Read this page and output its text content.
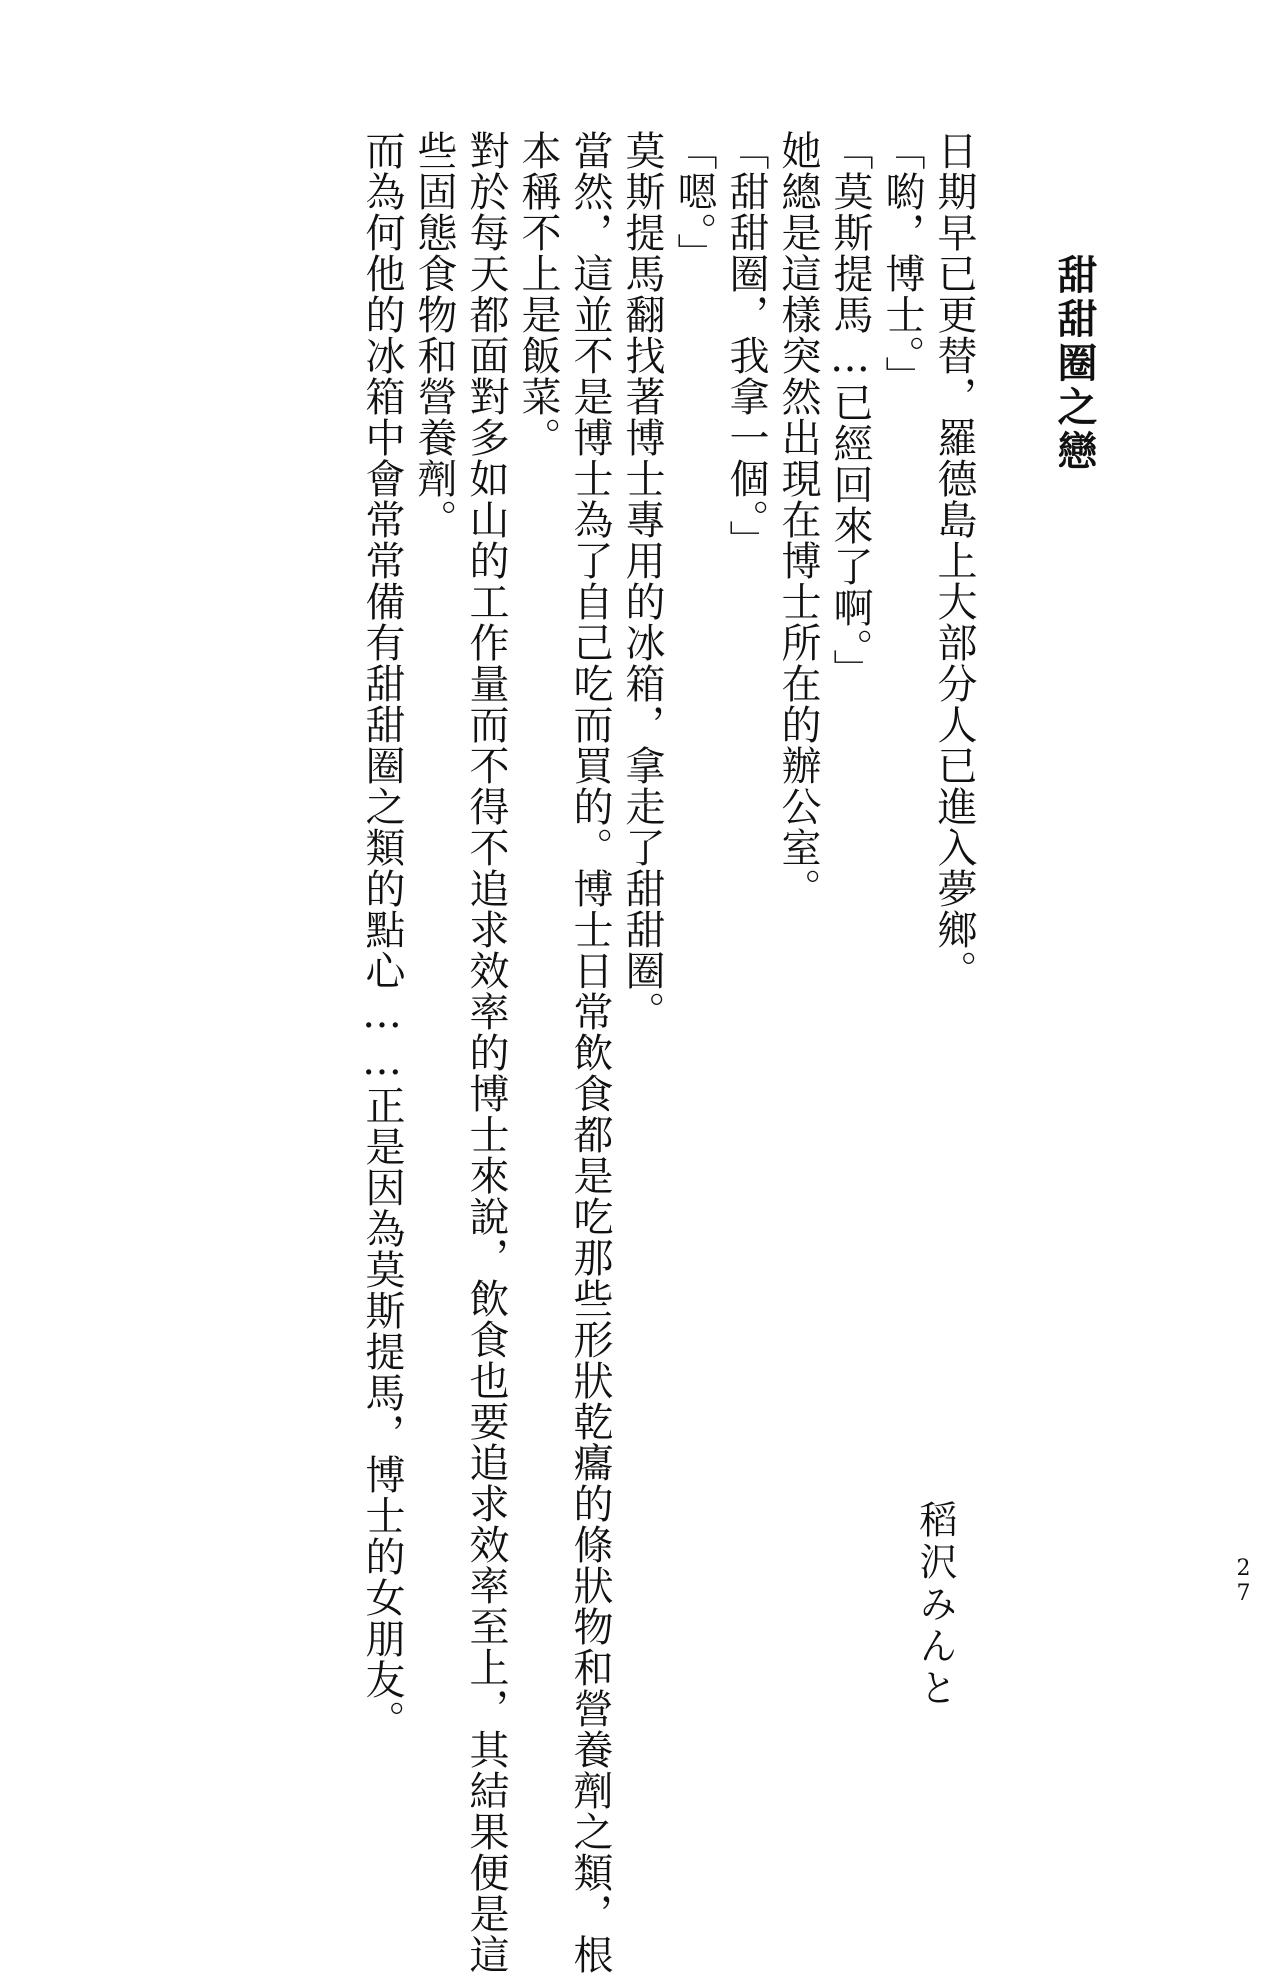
甜甜圈之戀
日期早已更替，羅德島上大部分人已進入夢鄉。
「喲，博士。」
「莫斯提馬…已經回來了啊。」
她總是這樣突然出現在博士所在的辦公室。
「甜甜圈，我拿一個。」
「嗯。」
莫斯提馬翻找著博士專用的冰箱，拿走了甜甜圈。
當然，這並不是博士為了自己吃而買的。博士日常飲食都是吃那些形狀乾癟的條狀物和營養劑之類，根
本稱不上是飯菜。
對於每天都面對多如山的工作量而不得不追求效率的博士來說，飲食也要追求效率至上，其結果便是這
些固態食物和營養劑。
而為何他的冰箱中會常常備有甜甜圈之類的點心……正是因為莫斯提馬，博士的女朋友。	稻沢みんと	27
